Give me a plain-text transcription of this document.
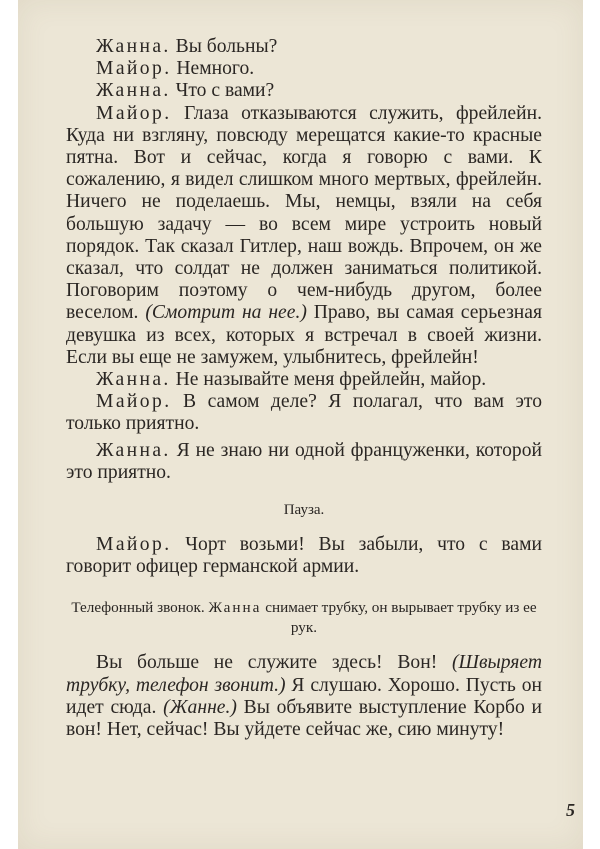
Жанна. Вы больны?

Майор. Немного.

Жанна. Что с вами?

Майор. Глаза отказываются служить, фрейлейн. Куда ни взгляну, повсюду мерещатся какие-то красные пятна. Вот и сейчас, когда я говорю с вами. К сожалению, я видел слишком много мертвых, фрейлейн. Ничего не поделаешь. Мы, немцы, взяли на себя большую задачу — во всем мире устроить новый порядок. Так сказал Гитлер, наш вождь. Впрочем, он же сказал, что солдат не должен заниматься политикой. Поговорим поэтому о чем-нибудь другом, более веселом. (Смотрит на нее.) Право, вы самая серьезная девушка из всех, которых я встречал в своей жизни. Если вы еще не замужем, улыбнитесь, фрейлейн!

Жанна. Не называйте меня фрейлейн, майор.

Майор. В самом деле? Я полагал, что вам это только приятно.

Жанна. Я не знаю ни одной француженки, которой это приятно.

Пауза.

Майор. Чорт возьми! Вы забыли, что с вами говорит офицер германской армии.

Телефонный звонок. Жанна снимает трубку, он вырывает трубку из ее рук.

Вы больше не служите здесь! Вон! (Швыряет трубку, телефон звонит.) Я слушаю. Хорошо. Пусть он идет сюда. (Жанне.) Вы объявите выступление Корбо и вон! Нет, сейчас! Вы уйдете сейчас же, сию минуту!

5
